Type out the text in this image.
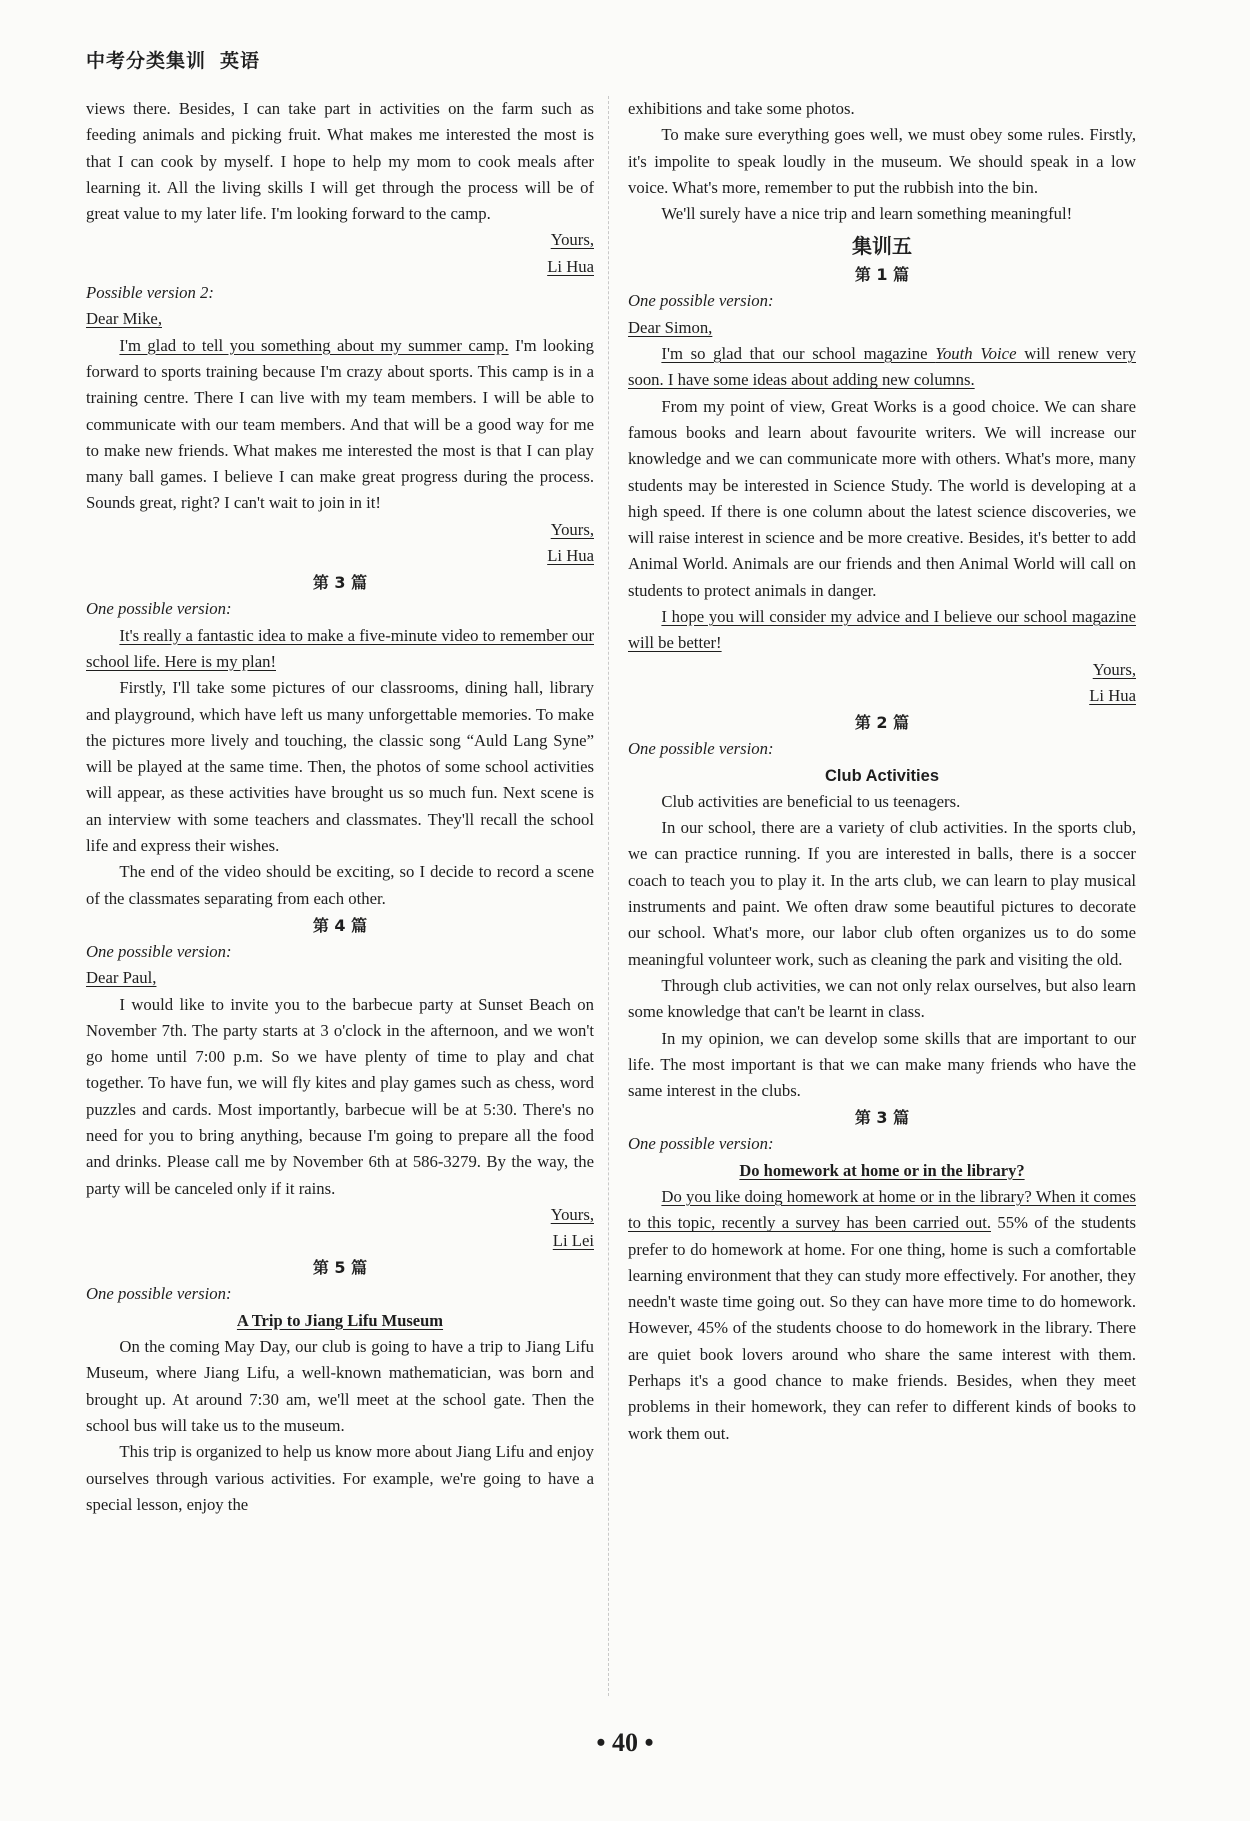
中考分类集训 英语

views there. Besides, I can take part in activities on the farm such as feeding animals and picking fruit. What makes me interested the most is that I can cook by myself. I hope to help my mom to cook meals after learning it. All the living skills I will get through the process will be of great value to my later life. I'm looking forward to the camp.

Yours,

Li Hua

Possible version 2:

Dear Mike,

I'm glad to tell you something about my summer camp. I'm looking forward to sports training because I'm crazy about sports. This camp is in a training centre. There I can live with my team members. I will be able to communicate with our team members. And that will be a good way for me to make new friends. What makes me interested the most is that I can play many ball games. I believe I can make great progress during the process. Sounds great, right? I can't wait to join in it!

Yours,

Li Hua

第 3 篇

One possible version:

It's really a fantastic idea to make a five-minute video to remember our school life. Here is my plan!

Firstly, I'll take some pictures of our classrooms, dining hall, library and playground, which have left us many unforgettable memories. To make the pictures more lively and touching, the classic song “Auld Lang Syne” will be played at the same time. Then, the photos of some school activities will appear, as these activities have brought us so much fun. Next scene is an interview with some teachers and classmates. They'll recall the school life and express their wishes.

The end of the video should be exciting, so I decide to record a scene of the classmates separating from each other.

第 4 篇

One possible version:

Dear Paul,

I would like to invite you to the barbecue party at Sunset Beach on November 7th. The party starts at 3 o'clock in the afternoon, and we won't go home until 7:00 p.m. So we have plenty of time to play and chat together. To have fun, we will fly kites and play games such as chess, word puzzles and cards. Most importantly, barbecue will be at 5:30. There's no need for you to bring anything, because I'm going to prepare all the food and drinks. Please call me by November 6th at 586-3279. By the way, the party will be canceled only if it rains.

Yours,

Li Lei

第 5 篇

One possible version:

A Trip to Jiang Lifu Museum

On the coming May Day, our club is going to have a trip to Jiang Lifu Museum, where Jiang Lifu, a well-known mathematician, was born and brought up. At around 7:30 am, we'll meet at the school gate. Then the school bus will take us to the museum.

This trip is organized to help us know more about Jiang Lifu and enjoy ourselves through various activities. For example, we're going to have a special lesson, enjoy the

exhibitions and take some photos.

To make sure everything goes well, we must obey some rules. Firstly, it's impolite to speak loudly in the museum. We should speak in a low voice. What's more, remember to put the rubbish into the bin.

We'll surely have a nice trip and learn something meaningful!

集训五
第 1 篇

One possible version:

Dear Simon,

I'm so glad that our school magazine Youth Voice will renew very soon. I have some ideas about adding new columns.

From my point of view, Great Works is a good choice. We can share famous books and learn about favourite writers. We will increase our knowledge and we can communicate more with others. What's more, many students may be interested in Science Study. The world is developing at a high speed. If there is one column about the latest science discoveries, we will raise interest in science and be more creative. Besides, it's better to add Animal World. Animals are our friends and then Animal World will call on students to protect animals in danger.

I hope you will consider my advice and I believe our school magazine will be better!

Yours,

Li Hua

第 2 篇

One possible version:

Club Activities

Club activities are beneficial to us teenagers.

In our school, there are a variety of club activities. In the sports club, we can practice running. If you are interested in balls, there is a soccer coach to teach you to play it. In the arts club, we can learn to play musical instruments and paint. We often draw some beautiful pictures to decorate our school. What's more, our labor club often organizes us to do some meaningful volunteer work, such as cleaning the park and visiting the old.

Through club activities, we can not only relax ourselves, but also learn some knowledge that can't be learnt in class.

In my opinion, we can develop some skills that are important to our life. The most important is that we can make many friends who have the same interest in the clubs.

第 3 篇

One possible version:

Do homework at home or in the library?

Do you like doing homework at home or in the library? When it comes to this topic, recently a survey has been carried out. 55% of the students prefer to do homework at home. For one thing, home is such a comfortable learning environment that they can study more effectively. For another, they needn't waste time going out. So they can have more time to do homework. However, 45% of the students choose to do homework in the library. There are quiet book lovers around who share the same interest with them. Perhaps it's a good chance to make friends. Besides, when they meet problems in their homework, they can refer to different kinds of books to work them out.

• 40 •
